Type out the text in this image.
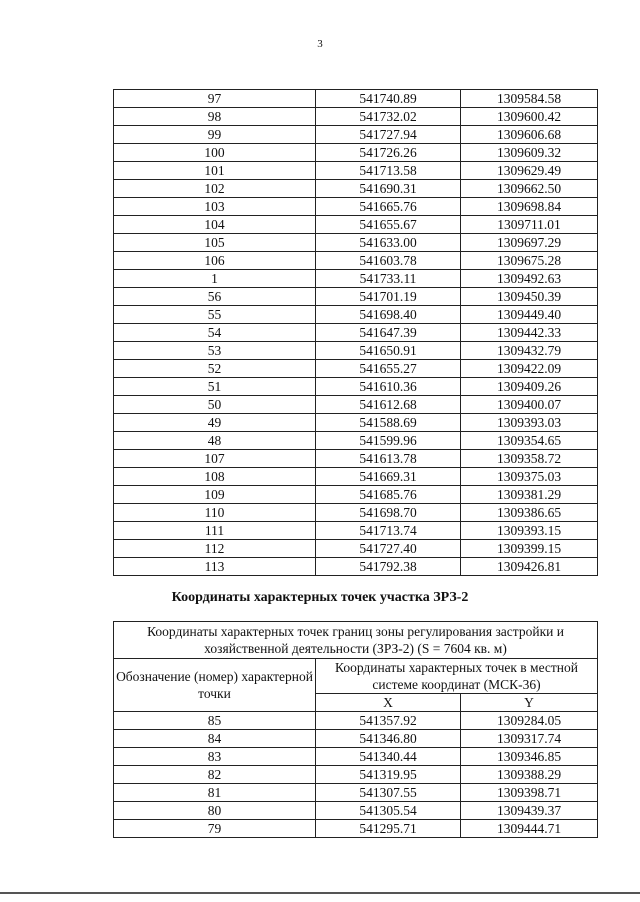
3
97	541740.89	1309584.58
98	541732.02	1309600.42
99	541727.94	1309606.68
100	541726.26	1309609.32
101	541713.58	1309629.49
102	541690.31	1309662.50
103	541665.76	1309698.84
104	541655.67	1309711.01
105	541633.00	1309697.29
106	541603.78	1309675.28
1	541733.11	1309492.63
56	541701.19	1309450.39
55	541698.40	1309449.40
54	541647.39	1309442.33
53	541650.91	1309432.79
52	541655.27	1309422.09
51	541610.36	1309409.26
50	541612.68	1309400.07
49	541588.69	1309393.03
48	541599.96	1309354.65
107	541613.78	1309358.72
108	541669.31	1309375.03
109	541685.76	1309381.29
110	541698.70	1309386.65
111	541713.74	1309393.15
112	541727.40	1309399.15
113	541792.38	1309426.81
Координаты характерных точек участка ЗРЗ-2
Координаты характерных точек границ зоны регулирования застройки и хозяйственной деятельности (ЗРЗ-2) (S = 7604 кв. м)		
Обозначение (номер) характерной точки	Координаты характерных точек в местной системе координат (МСК-36)	
	X	Y
85	541357.92	1309284.05
84	541346.80	1309317.74
83	541340.44	1309346.85
82	541319.95	1309388.29
81	541307.55	1309398.71
80	541305.54	1309439.37
79	541295.71	1309444.71
